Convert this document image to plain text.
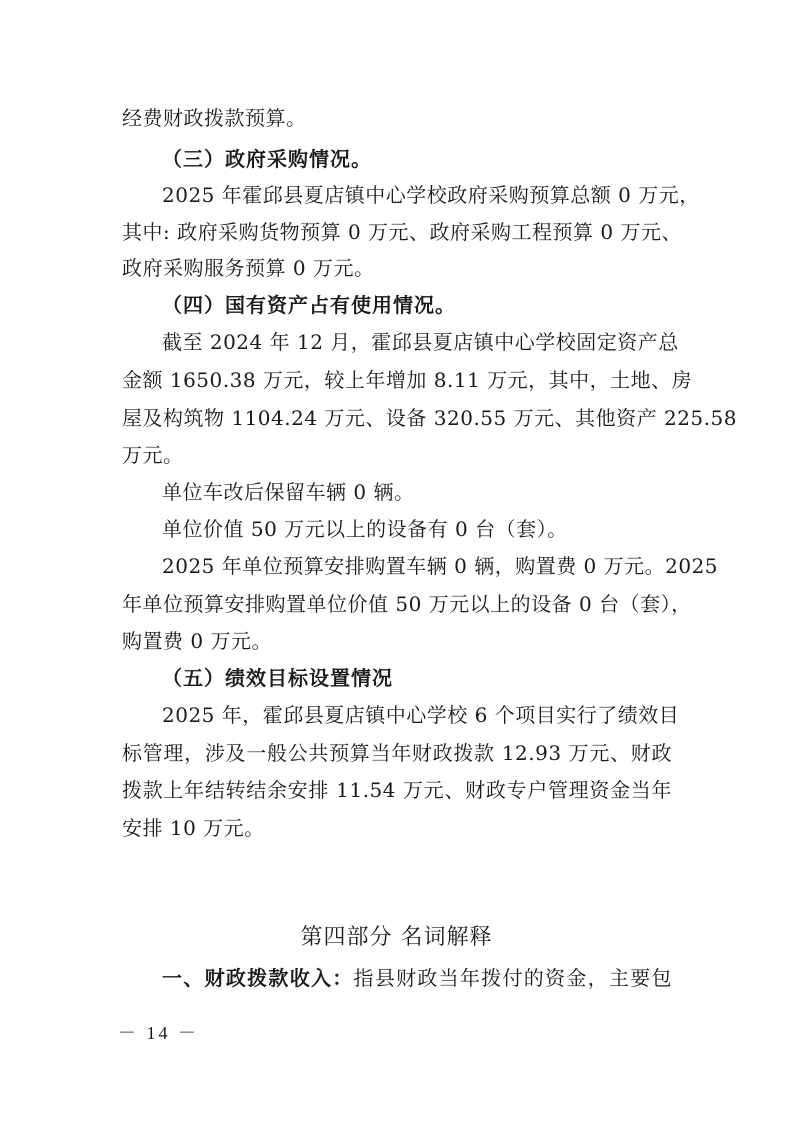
经费财政拨款预算。
（三）政府采购情况。
2025 年霍邱县夏店镇中心学校政府采购预算总额 0 万元，
其中: 政府采购货物预算 0 万元、政府采购工程预算 0 万元、
政府采购服务预算 0 万元。
（四）国有资产占有使用情况。
截至 2024 年 12 月，霍邱县夏店镇中心学校固定资产总
金额 1650.38 万元，较上年增加 8.11 万元，其中，土地、房
屋及构筑物 1104.24 万元、设备 320.55 万元、其他资产 225.58
万元。
单位车改后保留车辆 0 辆。
单位价值 50 万元以上的设备有 0 台（套）。
2025 年单位预算安排购置车辆 0 辆，购置费 0 万元。2025
年单位预算安排购置单位价值 50 万元以上的设备 0 台（套），
购置费 0 万元。
（五）绩效目标设置情况
2025 年，霍邱县夏店镇中心学校 6 个项目实行了绩效目
标管理，涉及一般公共预算当年财政拨款 12.93 万元、财政
拨款上年结转结余安排 11.54 万元、财政专户管理资金当年
安排 10 万元。
第四部分 名词解释
一、财政拨款收入：指县财政当年拨付的资金，主要包
－ 14 －
